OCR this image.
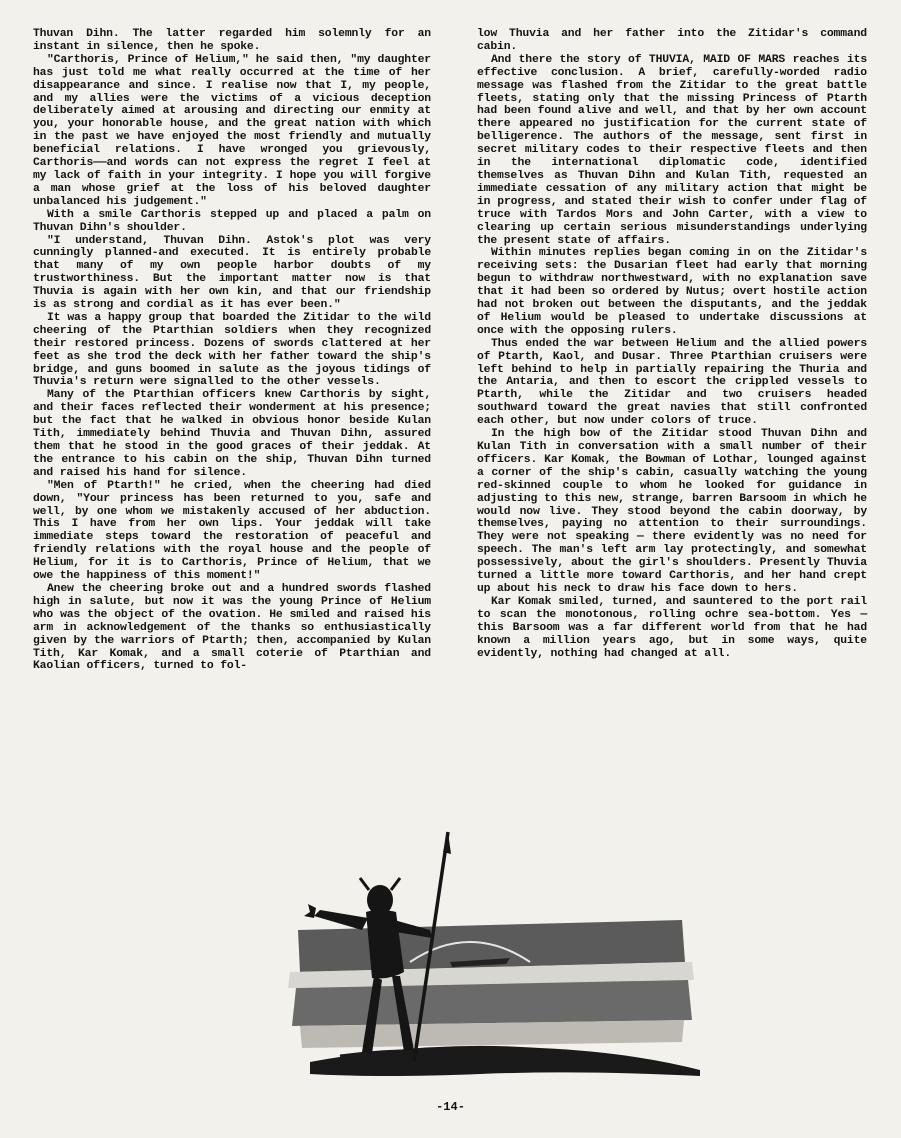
Thuvan Dihn. The latter regarded him solemnly for an instant in silence, then he spoke.

"Carthoris, Prince of Helium," he said then, "my daughter has just told me what really occurred at the time of her disappearance and since. I realise now that I, my people, and my allies were the victims of a vicious deception deliberately aimed at arousing and directing our enmity at you, your honorable house, and the great nation with which in the past we have enjoyed the most friendly and mutually beneficial relations. I have wronged you grievously, Carthoris——and words can not express the regret I feel at my lack of faith in your integrity. I hope you will forgive a man whose grief at the loss of his beloved daughter unbalanced his judgement."

With a smile Carthoris stepped up and placed a palm on Thuvan Dihn's shoulder.

"I understand, Thuvan Dihn. Astok's plot was very cunningly planned-and executed. It is entirely probable that many of my own people harbor doubts of my trustworthiness. But the important matter now is that Thuvia is again with her own kin, and that our friendship is as strong and cordial as it has ever been."

It was a happy group that boarded the Zitidar to the wild cheering of the Ptarthian soldiers when they recognized their restored princess. Dozens of swords clattered at her feet as she trod the deck with her father toward the ship's bridge, and guns boomed in salute as the joyous tidings of Thuvia's return were signalled to the other vessels.

Many of the Ptarthian officers knew Carthoris by sight, and their faces reflected their wonderment at his presence; but the fact that he walked in obvious honor beside Kulan Tith, immediately behind Thuvia and Thuvan Dihn, assured them that he stood in the good graces of their jeddak. At the entrance to his cabin on the ship, Thuvan Dihn turned and raised his hand for silence.

"Men of Ptarth!" he cried, when the cheering had died down, "Your princess has been returned to you, safe and well, by one whom we mistakenly accused of her abduction. This I have from her own lips. Your jeddak will take immediate steps toward the restoration of peaceful and friendly relations with the royal house and the people of Helium, for it is to Carthoris, Prince of Helium, that we owe the happiness of this moment!"

Anew the cheering broke out and a hundred swords flashed high in salute, but now it was the young Prince of Helium who was the object of the ovation. He smiled and raised his arm in acknowledgement of the thanks so enthusiastically given by the warriors of Ptarth; then, accompanied by Kulan Tith, Kar Komak, and a small coterie of Ptarthian and Kaolian officers, turned to fol-

low Thuvia and her father into the Zitidar's command cabin.

And there the story of THUVIA, MAID OF MARS reaches its effective conclusion. A brief, carefully-worded radio message was flashed from the Zitidar to the great battle fleets, stating only that the missing Princess of Ptarth had been found alive and well, and that by her own account there appeared no justification for the current state of belligerence. The authors of the message, sent first in secret military codes to their respective fleets and then in the international diplomatic code, identified themselves as Thuvan Dihn and Kulan Tith, requested an immediate cessation of any military action that might be in progress, and stated their wish to confer under flag of truce with Tardos Mors and John Carter, with a view to clearing up certain serious misunderstandings underlying the present state of affairs.

Within minutes replies began coming in on the Zitidar's receiving sets: the Dusarian fleet had early that morning begun to withdraw northwestward, with no explanation save that it had been so ordered by Nutus; overt hostile action had not broken out between the disputants, and the jeddak of Helium would be pleased to undertake discussions at once with the opposing rulers.

Thus ended the war between Helium and the allied powers of Ptarth, Kaol, and Dusar. Three Ptarthian cruisers were left behind to help in partially repairing the Thuria and the Antaria, and then to escort the crippled vessels to Ptarth, while the Zitidar and two cruisers headed southward toward the great navies that still confronted each other, but now under colors of truce.

In the high bow of the Zitidar stood Thuvan Dihn and Kulan Tith in conversation with a small number of their officers. Kar Komak, the Bowman of Lothar, lounged against a corner of the ship's cabin, casually watching the young red-skinned couple to whom he looked for guidance in adjusting to this new, strange, barren Barsoom in which he would now live. They stood beyond the cabin doorway, by themselves, paying no attention to their surroundings. They were not speaking — there evidently was no need for speech. The man's left arm lay protectingly, and somewhat possessively, about the girl's shoulders. Presently Thuvia turned a little more toward Carthoris, and her hand crept up about his neck to draw his face down to hers.

Kar Komak smiled, turned, and sauntered to the port rail to scan the monotonous, rolling ochre sea-bottom. Yes —this Barsoom was a far different world from that he had known a million years ago, but in some ways, quite evidently, nothing had changed at all.

-14-
